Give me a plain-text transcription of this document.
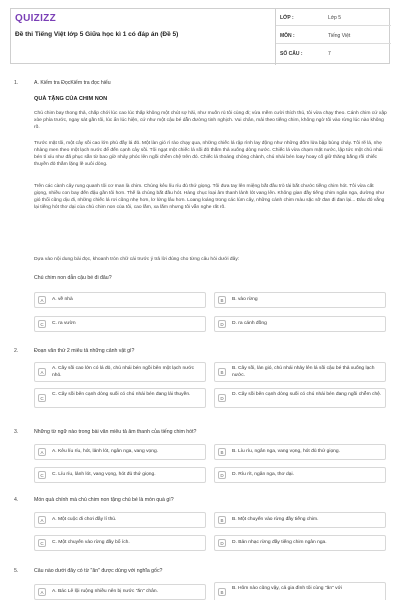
QUIZIZZ
Đề thi Tiếng Việt lớp 5 Giữa học kì 1 có đáp án (Đề 5)
LỚP :	Lớp 5
MÔN :	Tiếng Việt
SỐ CÂU :	7
1.	A. Kiểm tra ĐọcKiểm tra đọc hiểu
QUÀ TẶNG CỦA CHIM NON
Chú chim bay thong thả, chấp chới lúc cao lúc thấp không một chút sợ hãi, như muốn rủ tôi cùng đi; vừa mềm cười thích thú, tôi vừa chạy theo. Cánh chim cứ xập xòe phía trước, ngay sát gần tôi, lúc ẩn lúc hiện, cứ như một cậu bé dẫn đường tinh nghịch. Vui chân, mải theo tiếng chim, không ngờ tôi vào rừng lúc nào không rõ.
Trước mặt tôi, một cây sồi cao lớn phủ đầy lá đỏ. Một làn gió rì rào chạy qua, những chiếc lá rập rình lay động như những đốm lửa bập bùng cháy. Tôi rẽ lá, nhẹ nhàng men theo một lạch nước để đến cạnh cây sồi. Tôi ngạt một chiếc lá sồi đỏ thắm thả xuống dòng nước. Chiếc lá vừa chạm mặt nước, lập tức một chú nhái bén tí xíu như đã phục sẵn từ bao giờ nhảy phóc lên ngồi chễm chệ trên đó. Chiếc lá thoáng chòng chành, chú nhái bén loay hoay cố giữ thăng bằng rồi chiếc thuyền đỏ thắm lặng lẽ xuôi dòng.
Trên các cành cây rung quanh tôi cơ man là chim. Chúng kêu líu ríu đủ thứ giọng. Tôi đưa tay lên miệng bắt đầu trò tài bắt chước tiếng chim hót. Tôi vừa cất giọng, nhiều con bay đến đậu gần tôi hơn. Thế là chúng bắt đầu hót. Hàng chục loại âm thanh lảnh lót vang lên. Không gian đầy tiếng chim ngân nga, dường như gió thổi cũng dịu đi, những chiếc lá rơi cũng nhẹ hơn, lơ lửng lâu hơn. Loang loáng trong các lùm cây, những cánh chim màu sặc sỡ đan đi đan lại... Đâu đó vẳng lại tiếng hót thơ dại của chú chim non của tôi, cao lắm, xa lắm nhưng tôi vẫn nghe rất rõ.
Dựa vào nội dung bài đọc, khoanh tròn chữ cái trước ý trả lời đúng cho từng câu hỏi dưới đây:
Chú chim non dẫn cậu bé đi đâu?
A	A. về nhà	B	B. vào rừng
C	C. ra vườn	D	D. ra cánh đồng
2.	Đoạn văn thứ 2 miêu tả những cảnh vật gì?
A
A. Cây sồi cao lớn có lá đỏ, chú nhái bén ngồi bên một lạch nước nhỏ.	B
B. Cây sồi, làn gió, chú nhái nhảy lên lá sồi cậu bé thả xuống lạch nước.
C
C. Cây sồi bên cạnh dòng suối có chú nhái bén đang lái thuyền.
D
D. Cây sồi bên cạnh dòng suối có chú nhái bén đang ngồi chễm chệ.
3.	Những từ ngữ nào trong bài văn miêu tả âm thanh của tiếng chim hót?
A	A. Kêu líu ríu, hót, lảnh lót, ngân nga, vang vọng.	B	B. Líu ríu, ngân nga, vang vọng, hót đủ thứ giọng.
C	C. Líu ríu, lảnh lót, vang vọng, hót đủ thứ giọng.	D	D. Ríu rít, ngân nga, thơ dại.
4.	Món quà chính mà chú chim non tặng chú bé là món quà gì?
A	A. Một cuộc đi chơi đầy lí thú.	B	B. Một chuyến vào rừng đầy tiếng chim.
C	C. Một chuyến vào rừng đầy bổ ích.	D	D. Bản nhạc rừng đầy tiếng chim ngân nga.
5.	Câu nào dưới đây có từ "ăn" được dùng với nghĩa gốc?
A	A. Bác Lê lội ruộng nhiều nên bị nước "ăn" chân.	B
B. Hôm nào cũng vậy, cả gia đình tôi cùng "ăn" với
